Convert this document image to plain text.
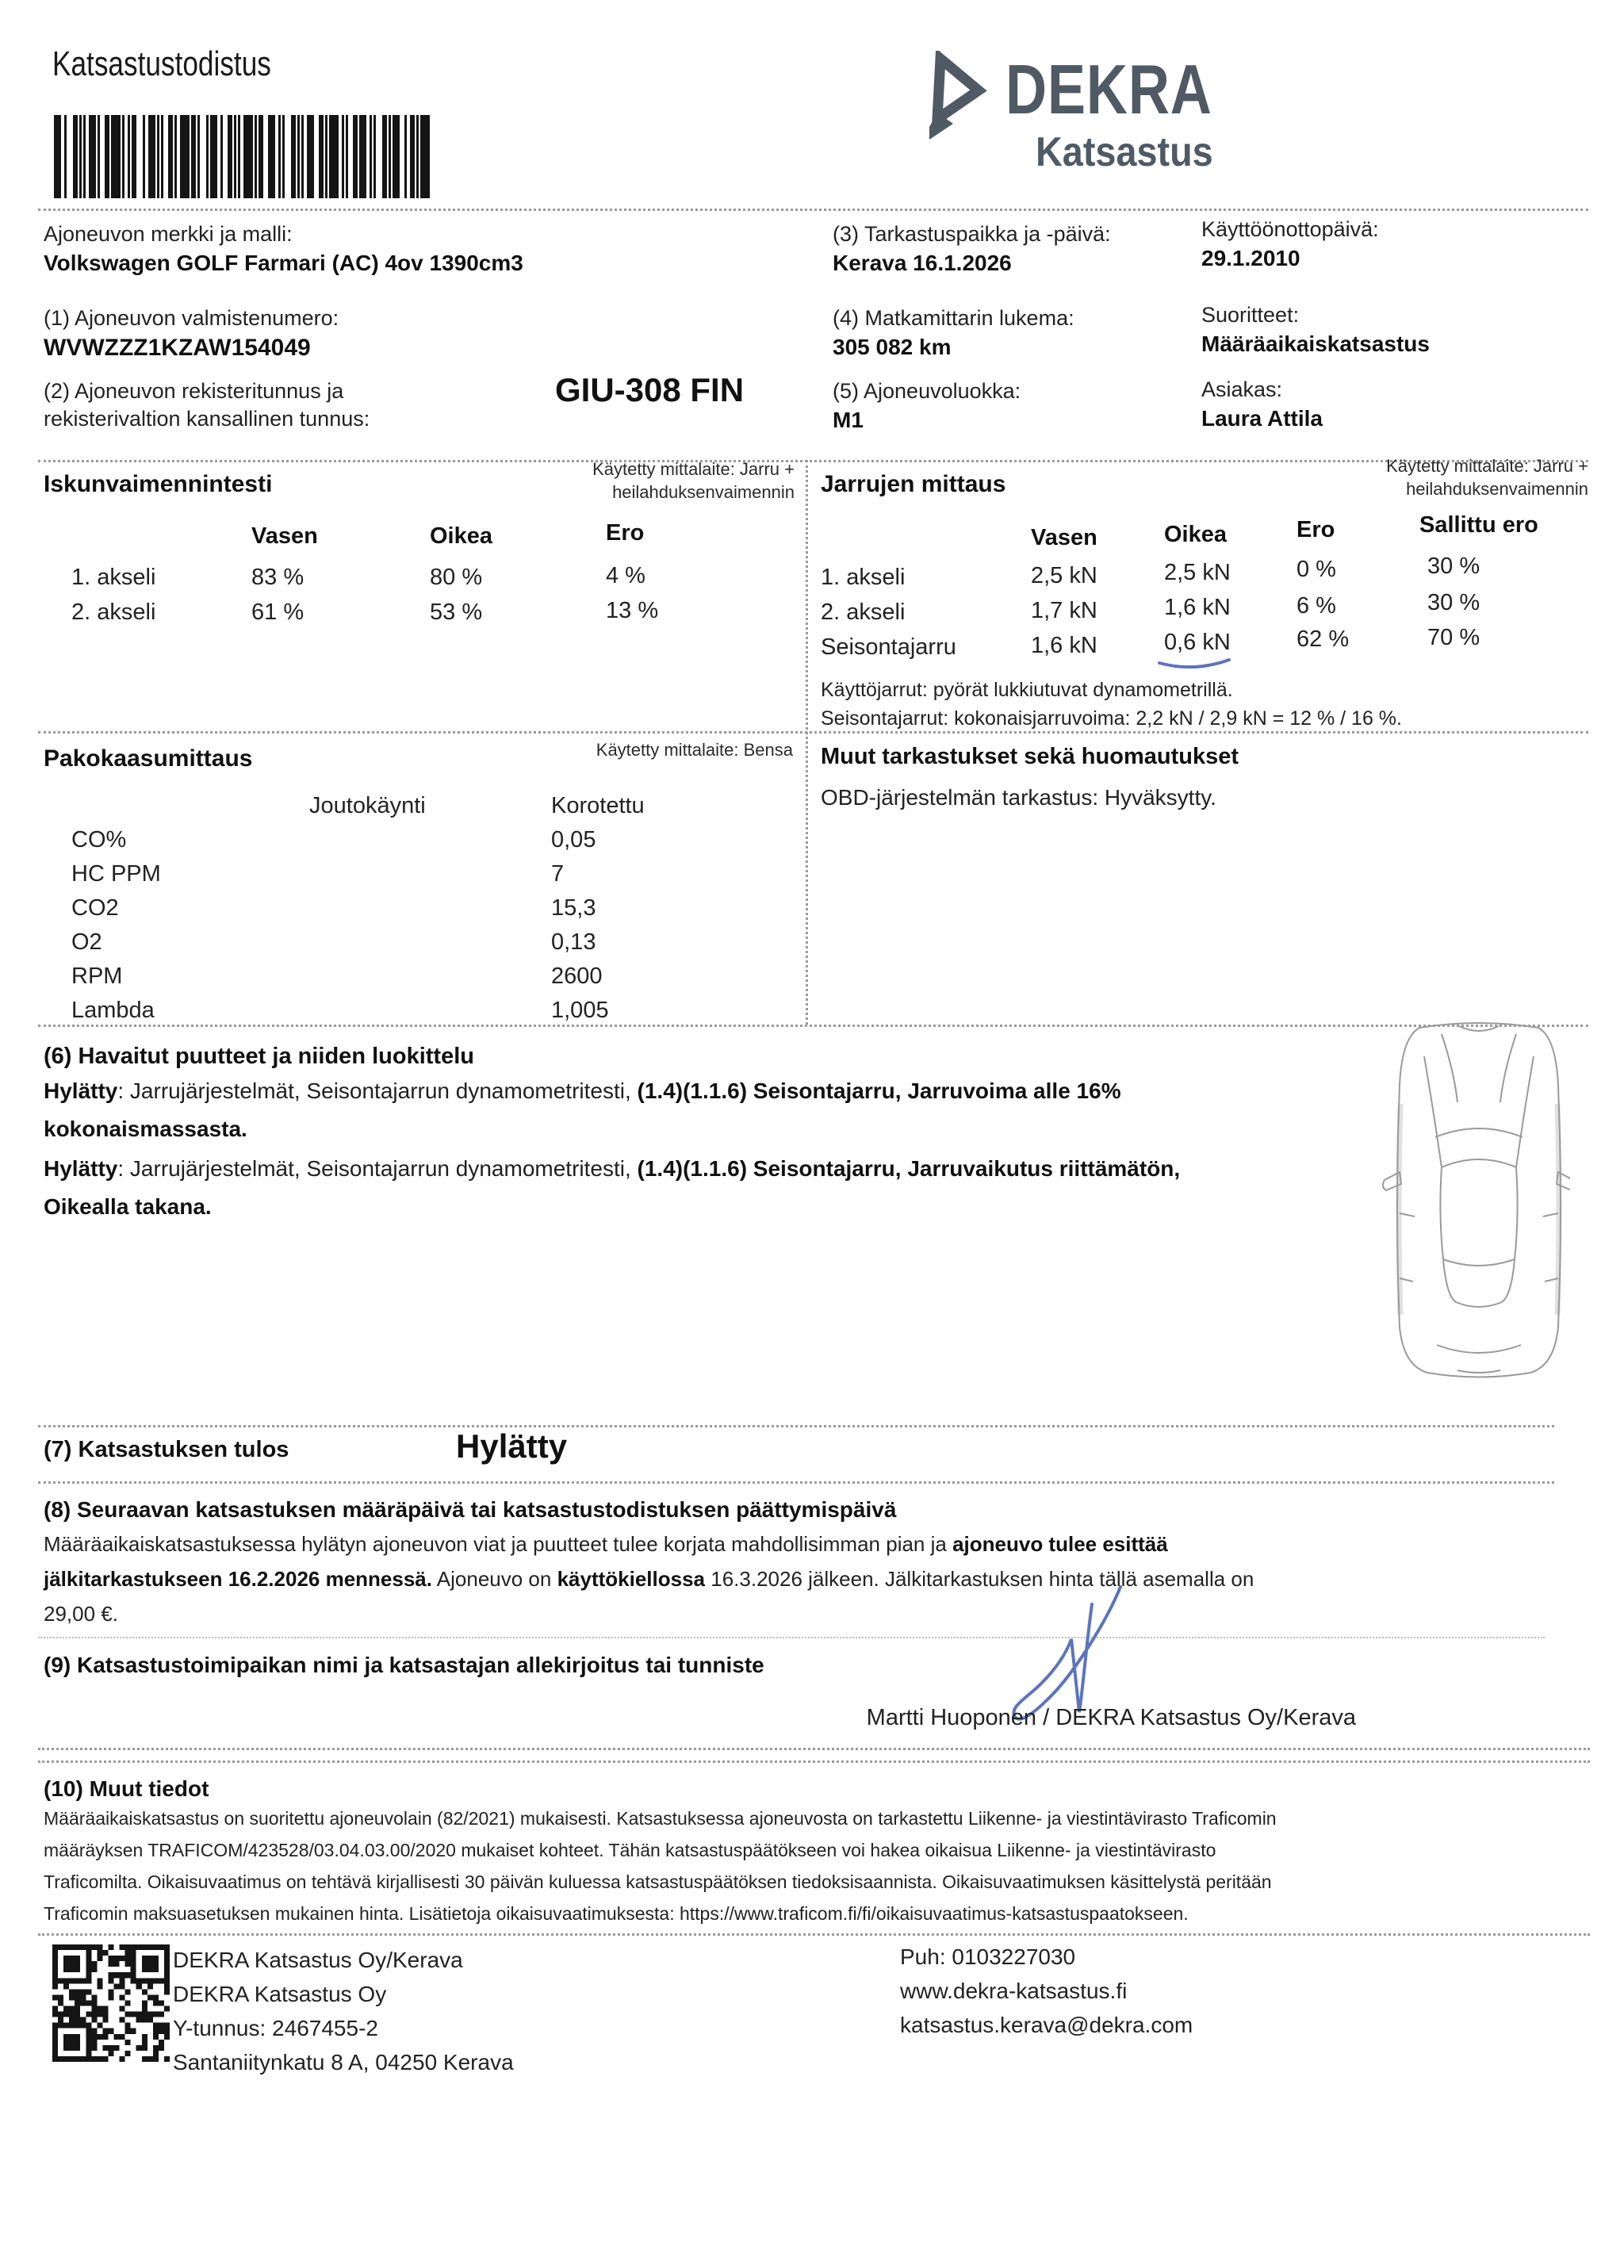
Katsastustodistus	DEKRA
Katsastus
Ajoneuvon merkki ja malli:
Volkswagen GOLF Farmari (AC) 4ov 1390cm3
(1) Ajoneuvon valmistenumero:
WVWZZZ1KZAW154049
(2) Ajoneuvon rekisteritunnus ja
rekisterivaltion kansallinen tunnus:
GIU-308 FIN
(3) Tarkastuspaikka ja -päivä:
Kerava 16.1.2026
(4) Matkamittarin lukema:
305 082 km
(5) Ajoneuvoluokka:
M1
Käyttöönottopäivä:
29.1.2010
Suoritteet:
Määräaikaiskatsastus
Asiakas:
Laura Attila
Iskunvaimennintesti
Käytetty mittalaite: Jarru +
heilahduksenvaimennin
Vasen	Oikea	Ero
1. akseli	83 %	80 %	4 %
2. akseli	61 %	53 %	13 %
Jarrujen mittaus
Käytetty mittalaite: Jarru +
heilahduksenvaimennin
Vasen	Oikea	Ero	Sallittu ero
1. akseli	2,5 kN	2,5 kN	0 %	30 %
2. akseli	1,7 kN	1,6 kN	6 %	30 %
Seisontajarru	1,6 kN	0,6 kN	62 %	70 %
Käyttöjarrut: pyörät lukkiutuvat dynamometrillä.
Seisontajarrut: kokonaisjarruvoima: 2,2 kN / 2,9 kN = 12 % / 16 %.
Pakokaasumittaus	Käytetty mittalaite: Bensa
Joutokäynti	Korotettu
CO%	0,05
HC PPM	7
CO2	15,3
O2	0,13
RPM	2600
Lambda	1,005
Muut tarkastukset sekä huomautukset
OBD-järjestelmän tarkastus: Hyväksytty.
(6) Havaitut puutteet ja niiden luokittelu
Hylätty: Jarrujärjestelmät, Seisontajarrun dynamometritesti, (1.4)(1.1.6) Seisontajarru, Jarruvoima alle 16%
kokonaismassasta.
Hylätty: Jarrujärjestelmät, Seisontajarrun dynamometritesti, (1.4)(1.1.6) Seisontajarru, Jarruvaikutus riittämätön,
Oikealla takana.
(7) Katsastuksen tulos	Hylätty
(8) Seuraavan katsastuksen määräpäivä tai katsastustodistuksen päättymispäivä
Määräaikaiskatsastuksessa hylätyn ajoneuvon viat ja puutteet tulee korjata mahdollisimman pian ja ajoneuvo tulee esittää
jälkitarkastukseen 16.2.2026 mennessä. Ajoneuvo on käyttökiellossa 16.3.2026 jälkeen. Jälkitarkastuksen hinta tällä asemalla on
29,00 €.
(9) Katsastustoimipaikan nimi ja katsastajan allekirjoitus tai tunniste
Martti Huoponen / DEKRA Katsastus Oy/Kerava
(10) Muut tiedot
Määräaikaiskatsastus on suoritettu ajoneuvolain (82/2021) mukaisesti. Katsastuksessa ajoneuvosta on tarkastettu Liikenne- ja viestintävirasto Traficomin
määräyksen TRAFICOM/423528/03.04.03.00/2020 mukaiset kohteet. Tähän katsastuspäätökseen voi hakea oikaisua Liikenne- ja viestintävirasto
Traficomilta. Oikaisuvaatimus on tehtävä kirjallisesti 30 päivän kuluessa katsastuspäätöksen tiedoksisaannista. Oikaisuvaatimuksen käsittelystä peritään
Traficomin maksuasetuksen mukainen hinta. Lisätietoja oikaisuvaatimuksesta: https://www.traficom.fi/fi/oikaisuvaatimus-katsastuspaatokseen.
DEKRA Katsastus Oy/Kerava
DEKRA Katsastus Oy
Y-tunnus: 2467455-2
Santaniitynkatu 8 A, 04250 Kerava
Puh: 0103227030
www.dekra-katsastus.fi
katsastus.kerava@dekra.com
